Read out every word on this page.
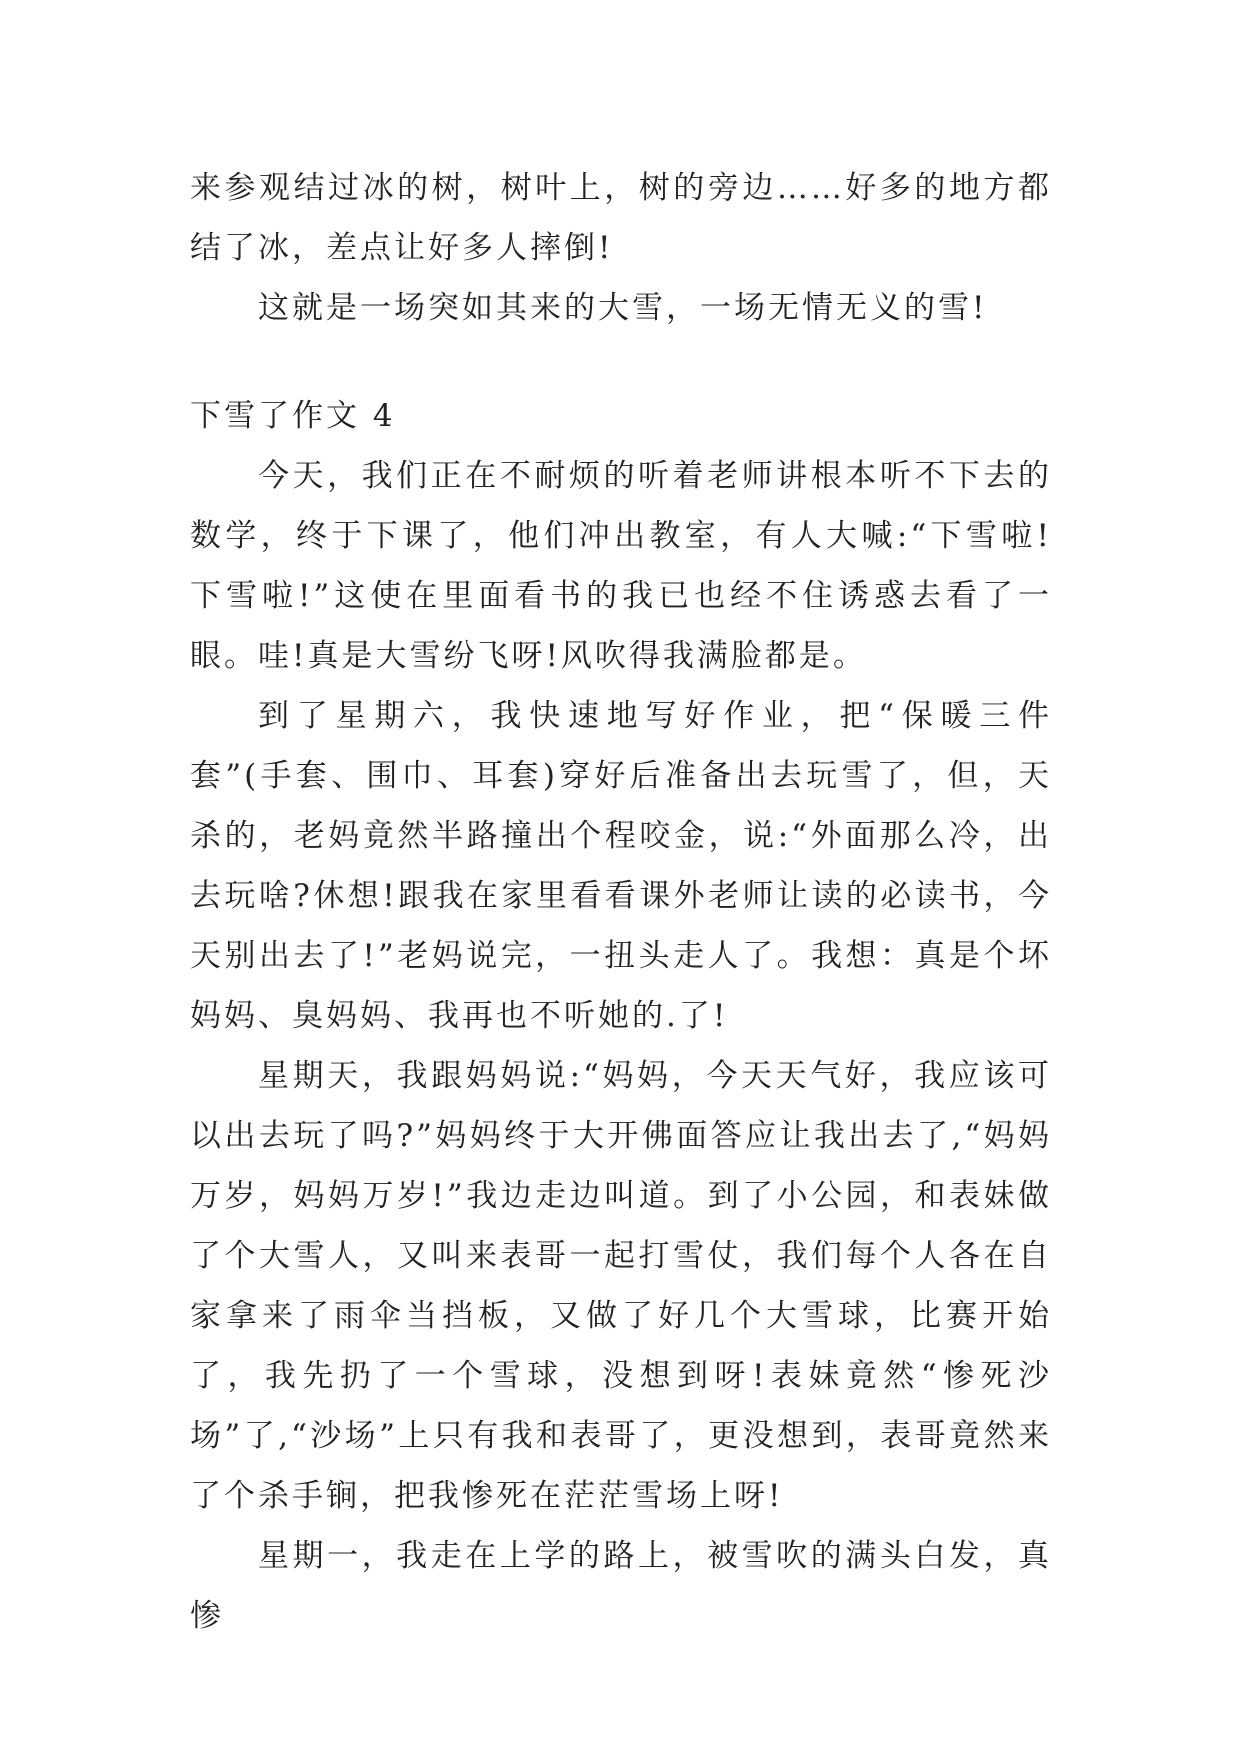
来参观结过冰的树，树叶上，树的旁边……好多的地方都结了冰，差点让好多人摔倒!

这就是一场突如其来的大雪，一场无情无义的雪!

下雪了作文 4

今天，我们正在不耐烦的听着老师讲根本听不下去的数学，终于下课了，他们冲出教室，有人大喊:“下雪啦!下雪啦!”这使在里面看书的我已也经不住诱惑去看了一眼。哇!真是大雪纷飞呀!风吹得我满脸都是。

到了星期六，我快速地写好作业，把“保暖三件套”(手套、围巾、耳套)穿好后准备出去玩雪了，但，天杀的，老妈竟然半路撞出个程咬金，说:“外面那么冷，出去玩啥?休想!跟我在家里看看课外老师让读的必读书，今天别出去了!”老妈说完，一扭头走人了。我想：真是个坏妈妈、臭妈妈、我再也不听她的.了!

星期天，我跟妈妈说:“妈妈，今天天气好，我应该可以出去玩了吗?”妈妈终于大开佛面答应让我出去了,“妈妈万岁，妈妈万岁!”我边走边叫道。到了小公园，和表妹做了个大雪人，又叫来表哥一起打雪仗，我们每个人各在自家拿来了雨伞当挡板，又做了好几个大雪球，比赛开始了，我先扔了一个雪球，没想到呀!表妹竟然“惨死沙场”了,“沙场”上只有我和表哥了，更没想到，表哥竟然来了个杀手锏，把我惨死在茫茫雪场上呀!

星期一，我走在上学的路上，被雪吹的满头白发，真惨
